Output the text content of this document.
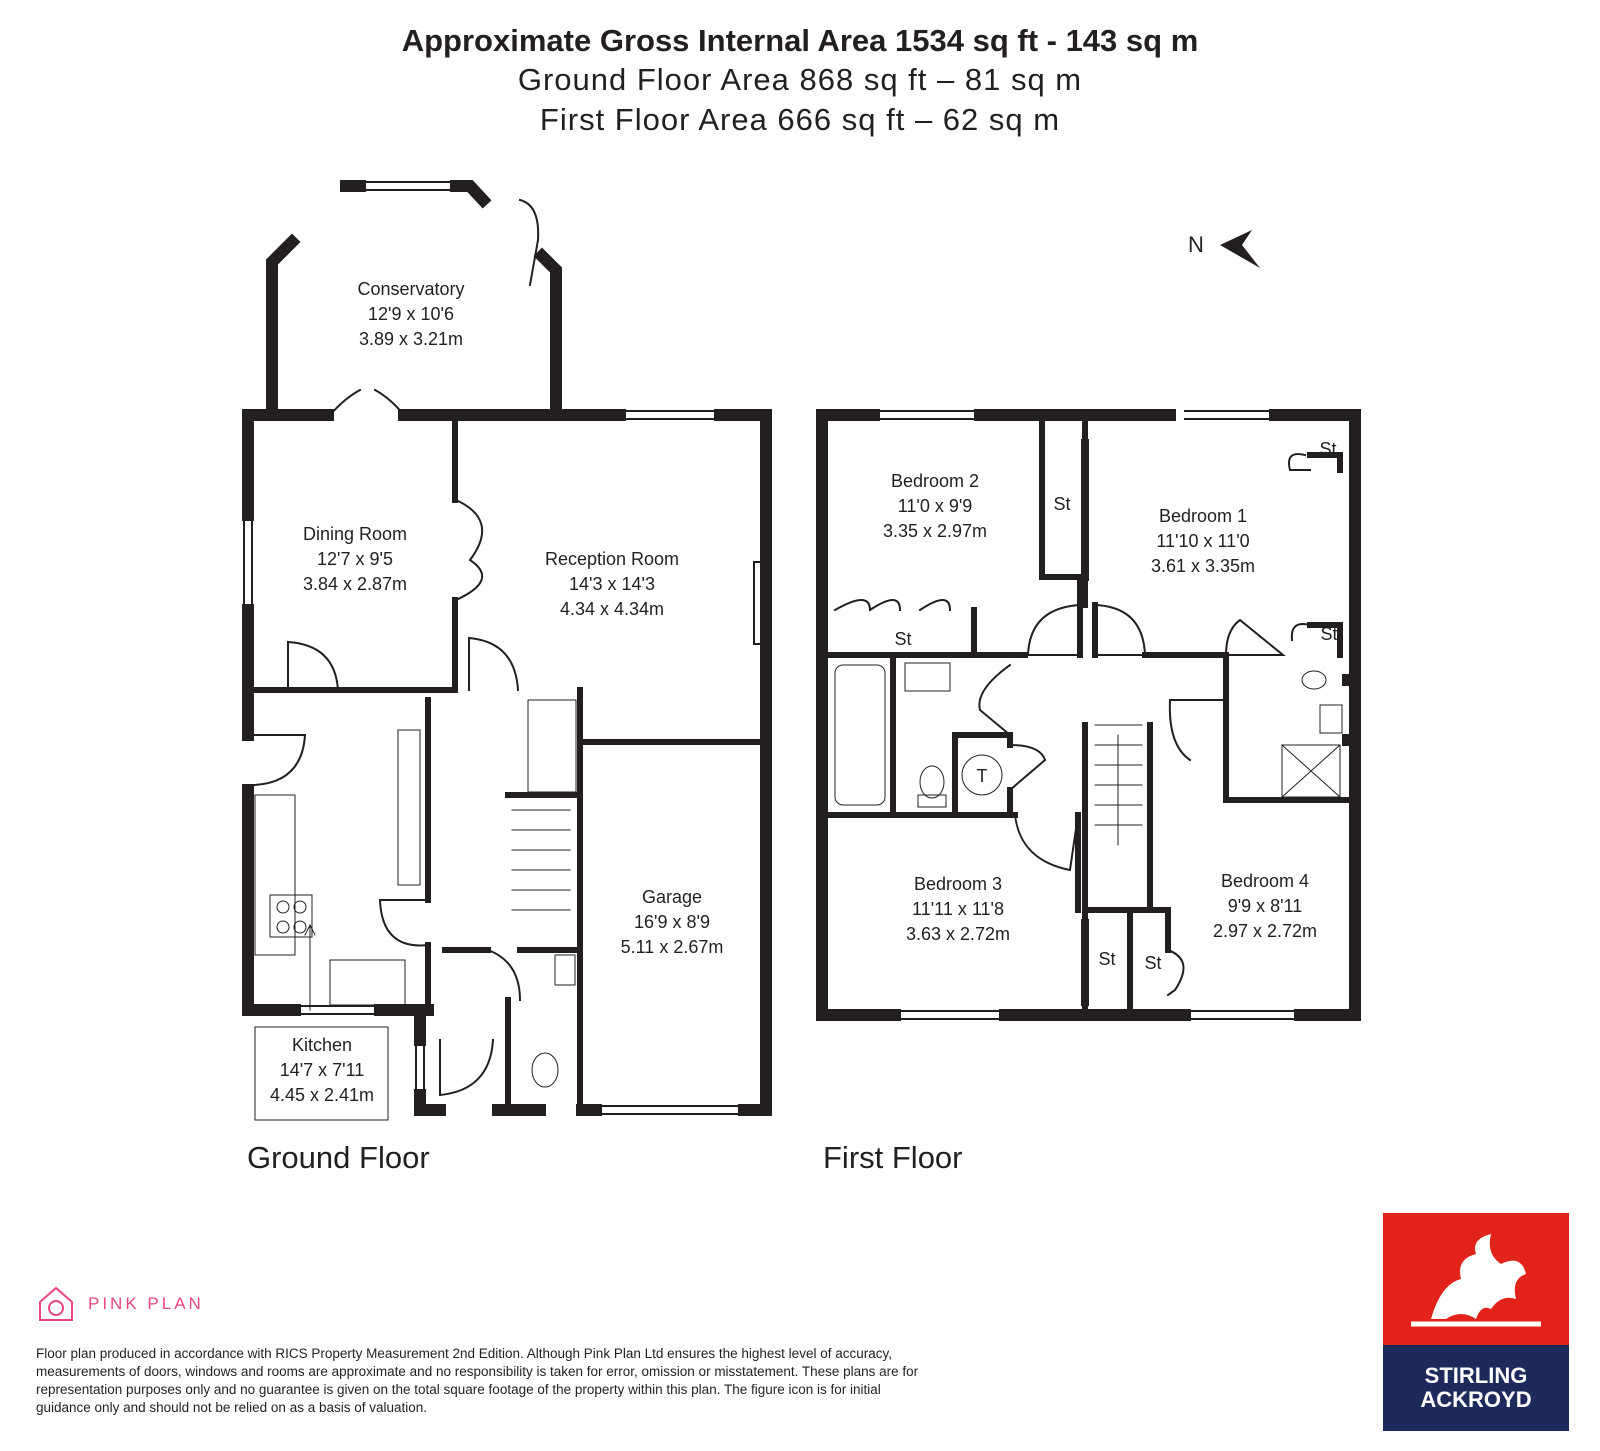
Approximate Gross Internal Area 1534 sq ft - 143 sq m
Ground Floor Area 868 sq ft – 81 sq m
First Floor Area 666 sq ft – 62 sq m
N
Conservatory
12'9 x 10'6
3.89 x 3.21m
Dining Room
12'7 x 9'5
3.84 x 2.87m
Reception Room
14'3 x 14'3
4.34 x 4.34m
Garage
16'9 x 8'9
5.11 x 2.67m
Kitchen
14'7 x 7'11
4.45 x 2.41m
Bedroom 2
11'0 x 9'9
3.35 x 2.97m
Bedroom 1
11'10 x 11'0
3.61 x 3.35m
Bedroom 3
11'11 x 11'8
3.63 x 2.72m
Bedroom 4
9'9 x 8'11
2.97 x 2.72m
St
St
St
St
St St
T
Ground Floor	First Floor
PINK PLAN
Floor plan produced in accordance with RICS Property Measurement 2nd Edition. Although Pink Plan Ltd ensures the highest level of accuracy, measurements of doors, windows and rooms are approximate and no responsibility is taken for error, omission or misstatement. These plans are for representation purposes only and no guarantee is given on the total square footage of the property within this plan. The figure icon is for initial guidance only and should not be relied on as a basis of valuation.
STIRLING
ACKROYD
